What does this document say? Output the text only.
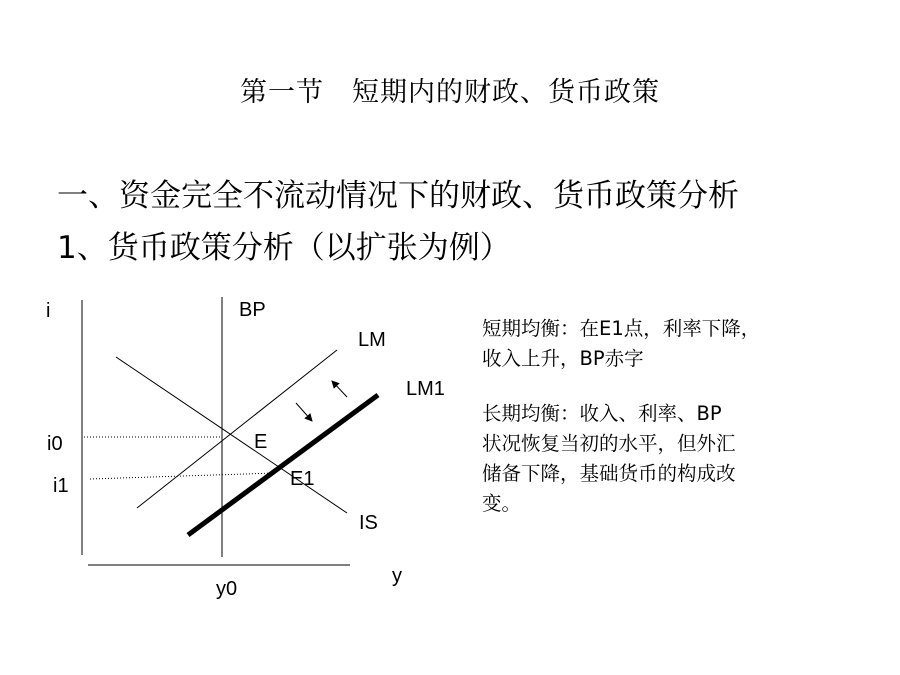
第一节　短期内的财政、货币政策
一、资金完全不流动情况下的财政、货币政策分析
1、货币政策分析（以扩张为例）
i
y
BP
LM
LM1
IS
E
E1
i0
i1
y0
短期均衡：在E1点，利率下降，
收入上升，BP赤字
长期均衡：收入、利率、BP
状况恢复当初的水平，但外汇
储备下降，基础货币的构成改
变。
